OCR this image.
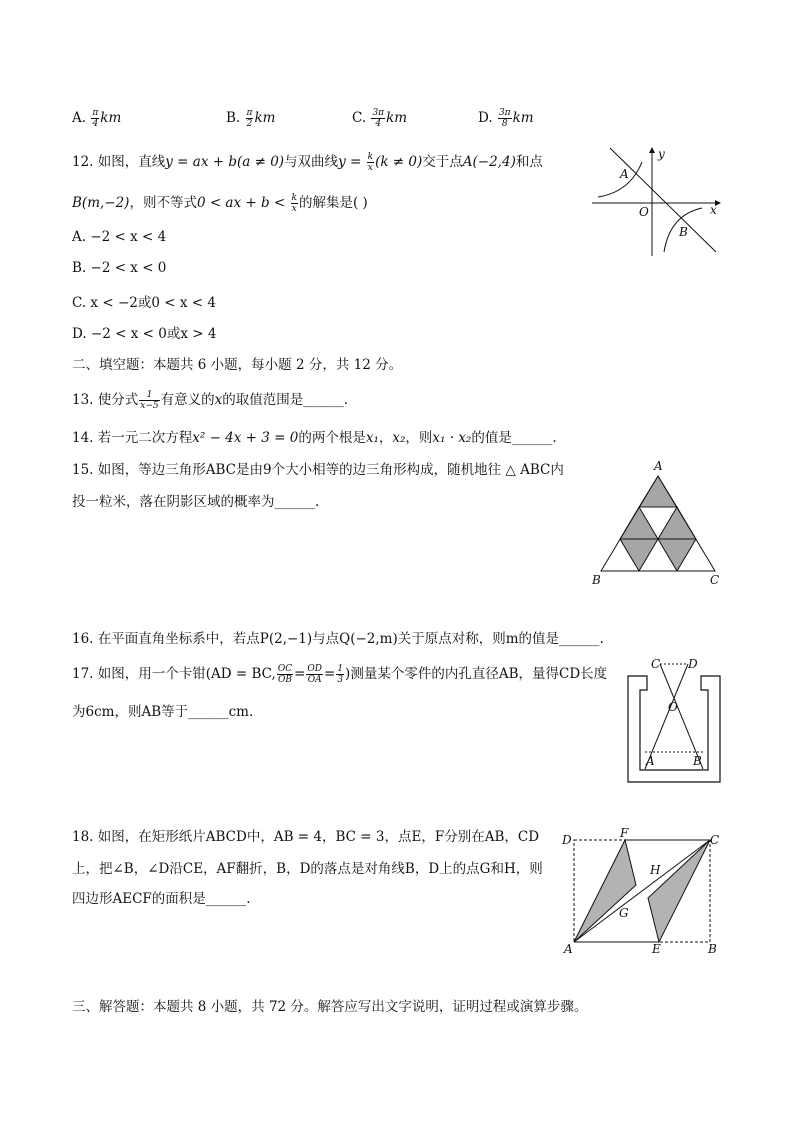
A. $\frac{\pi}{4}$ km	B. $\frac{\pi}{2}$ km	C. $\frac{3\pi}{4}$ km	D. $\frac{3\pi}{8}$ km
12. 如图，直线y = ax + b(a ≠ 0)与双曲线$y = \frac{k}{x} (k \ne 0)$交于点A(−2,4)和点
B(m,−2)，则不等式0 < ax + $b < \frac{k}{x}$ 的解集是( )
A. −2 < x < 4
B. −2 < x < 0
C. x < −2或0 < x < 4
D. −2 < x < 0或x > 4
y
x
O
A
B
二、填空题：本题共 6 小题，每小题 2 分，共 12 分。
13. 使分式 $\frac{1}{x-5}$ 有意义的x的取值范围是______.
14. 若一元二次方程x² − 4x + 3 = 0的两个根是x₁，x₂，则x₁ · x₂的值是______.
15. 如图，等边三角形ABC是由9个大小相等的边三角形构成，随机地往 △ ABC内
投一粒米，落在阴影区域的概率为______.
A
B	C
16. 在平面直角坐标系中，若点P(2,−1)与点Q(−2,m)关于原点对称，则m的值是______.
17. 如图，用一个卡钳(AD = BC, $\frac{OC}{OB} = \frac{OD}{OA} = \frac{1}{3}$ )测量某个零件的内孔直径AB，量得CD长度
为6cm，则AB等于______cm.
C D
O
A	B
18. 如图，在矩形纸片ABCD中，AB = 4，BC = 3，点E，F分别在AB，CD
上，把∠B，∠D沿CE，AF翻折，B，D的落点是对角线B，D上的点G和H，则
四边形AECF的面积是______.
D	F	C
H
G
A	E	B
三、解答题：本题共 8 小题，共 72 分。解答应写出文字说明，证明过程或演算步骤。
